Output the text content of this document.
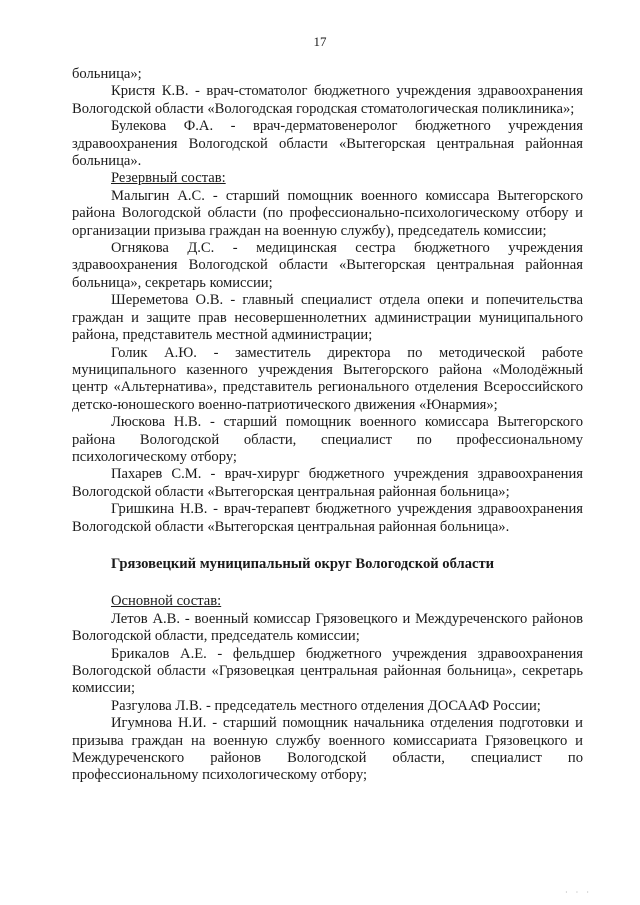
17

больница»;

Кристя К.В. - врач-стоматолог бюджетного учреждения здравоохранения Вологодской области «Вологодская городская стоматологическая поликлиника»;

Булекова Ф.А. - врач-дерматовенеролог бюджетного учреждения здравоохранения Вологодской области «Вытегорская центральная районная больница».

Резервный состав:

Малыгин А.С. - старший помощник военного комиссара Вытегорского района Вологодской области (по профессионально-психологическому отбору и организации призыва граждан на военную службу), председатель комиссии;

Огнякова Д.С. - медицинская сестра бюджетного учреждения здравоохранения Вологодской области «Вытегорская центральная районная больница», секретарь комиссии;

Шереметова О.В. - главный специалист отдела опеки и попечительства граждан и защите прав несовершеннолетних администрации муниципального района, представитель местной администрации;

Голик А.Ю. - заместитель директора по методической работе муниципального казенного учреждения Вытегорского района «Молодёжный центр «Альтернатива», представитель регионального отделения Всероссийского детско-юношеского военно-патриотического движения «Юнармия»;

Люскова Н.В. - старший помощник военного комиссара Вытегорского района Вологодской области, специалист по профессиональному психологическому отбору;

Пахарев С.М. - врач-хирург бюджетного учреждения здравоохранения Вологодской области «Вытегорская центральная районная больница»;

Гришкина Н.В. - врач-терапевт бюджетного учреждения здравоохранения Вологодской области «Вытегорская центральная районная больница».

Грязовецкий муниципальный округ Вологодской области

Основной состав:

Летов А.В. - военный комиссар Грязовецкого и Междуреченского районов Вологодской области, председатель комиссии;

Брикалов А.Е. - фельдшер бюджетного учреждения здравоохранения Вологодской области «Грязовецкая центральная районная больница», секретарь комиссии;

Разгулова Л.В. - председатель местного отделения ДОСААФ России;

Игумнова Н.И. - старший помощник начальника отделения подготовки и призыва граждан на военную службу военного комиссариата Грязовецкого и Междуреченского районов Вологодской области, специалист по профессиональному психологическому отбору;

· · ·
